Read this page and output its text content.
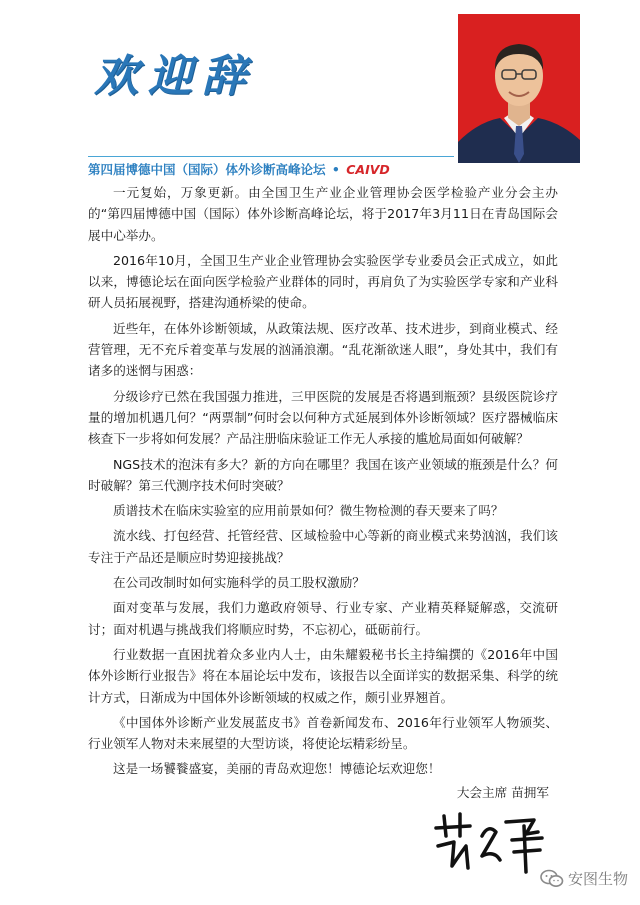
欢迎辞
第四届博德中国（国际）体外诊断高峰论坛 • CAIVD

一元复始，万象更新。由全国卫生产业企业管理协会医学检验产业分会主办的“第四届博德中国（国际）体外诊断高峰论坛，将于2017年3月11日在青岛国际会展中心举办。

2016年10月，全国卫生产业企业管理协会实验医学专业委员会正式成立，如此以来，博德论坛在面向医学检验产业群体的同时，再肩负了为实验医学专家和产业科研人员拓展视野，搭建沟通桥梁的使命。

近些年，在体外诊断领域，从政策法规、医疗改革、技术进步，到商业模式、经营管理，无不充斥着变革与发展的汹涌浪潮。“乱花渐欲迷人眼”，身处其中，我们有诸多的迷惘与困惑：

分级诊疗已然在我国强力推进，三甲医院的发展是否将遇到瓶颈？县级医院诊疗量的增加机遇几何？“两票制”何时会以何种方式延展到体外诊断领域？医疗器械临床核查下一步将如何发展？产品注册临床验证工作无人承接的尴尬局面如何破解？

NGS技术的泡沫有多大？新的方向在哪里？我国在该产业领域的瓶颈是什么？何时破解？第三代测序技术何时突破？

质谱技术在临床实验室的应用前景如何？微生物检测的春天要来了吗？

流水线、打包经营、托管经营、区域检验中心等新的商业模式来势汹汹，我们该专注于产品还是顺应时势迎接挑战？

在公司改制时如何实施科学的员工股权激励？

面对变革与发展，我们力邀政府领导、行业专家、产业精英释疑解惑，交流研讨；面对机遇与挑战我们将顺应时势，不忘初心，砥砺前行。

行业数据一直困扰着众多业内人士，由朱耀毅秘书长主持编撰的《2016年中国体外诊断行业报告》将在本届论坛中发布，该报告以全面详实的数据采集、科学的统计方式，日渐成为中国体外诊断领域的权威之作，颇引业界翘首。

《中国体外诊断产业发展蓝皮书》首卷新闻发布、2016年行业领军人物颁奖、行业领军人物对未来展望的大型访谈，将使论坛精彩纷呈。

这是一场饕餮盛宴，美丽的青岛欢迎您！博德论坛欢迎您！

大会主席 苗拥军
安图生物
